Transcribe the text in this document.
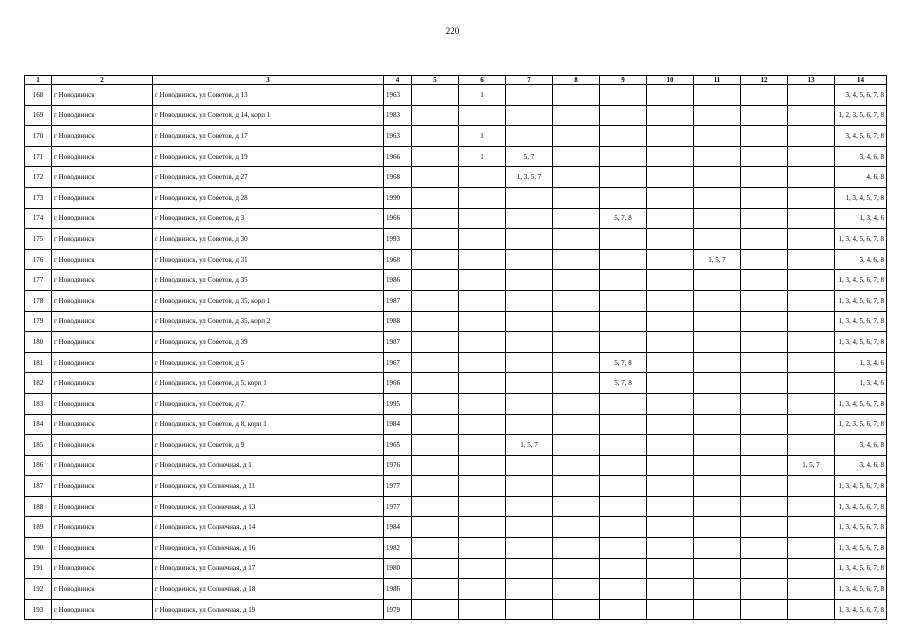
220
1	2	3	4	5	6	7	8	9	10	11	12	13	14
168	г Новодвинск	г Новодвинск, ул Советов, д 13	1963		1								3, 4, 5, 6, 7, 8
169	г Новодвинск	г Новодвинск, ул Советов, д 14, корп 1	1983										1, 2, 3, 5, 6, 7, 8
170	г Новодвинск	г Новодвинск, ул Советов, д 17	1963		1								3, 4, 5, 6, 7, 8
171	г Новодвинск	г Новодвинск, ул Советов, д 19	1966		1	5, 7							3, 4, 6, 8
172	г Новодвинск	г Новодвинск, ул Советов, д 27	1968			1, 3, 5, 7							4, 6, 8
173	г Новодвинск	г Новодвинск, ул Советов, д 28	1990										1, 3, 4, 5, 7, 8
174	г Новодвинск	г Новодвинск, ул Советов, д 3	1966					5, 7, 8					1, 3, 4, 6
175	г Новодвинск	г Новодвинск, ул Советов, д 30	1993										1, 3, 4, 5, 6, 7, 8
176	г Новодвинск	г Новодвинск, ул Советов, д 31	1968							1, 5, 7			3, 4, 6, 8
177	г Новодвинск	г Новодвинск, ул Советов, д 35	1986										1, 3, 4, 5, 6, 7, 8
178	г Новодвинск	г Новодвинск, ул Советов, д 35, корп 1	1987										1, 3, 4, 5, 6, 7, 8
179	г Новодвинск	г Новодвинск, ул Советов, д 35, корп 2	1988										1, 3, 4, 5, 6, 7, 8
180	г Новодвинск	г Новодвинск, ул Советов, д 39	1987										1, 3, 4, 5, 6, 7, 8
181	г Новодвинск	г Новодвинск, ул Советов, д 5	1967					5, 7, 8					1, 3, 4, 6
182	г Новодвинск	г Новодвинск, ул Советов, д 5, корп 1	1966					5, 7, 8					1, 3, 4, 6
183	г Новодвинск	г Новодвинск, ул Советов, д 7	1995										1, 3, 4, 5, 6, 7, 8
184	г Новодвинск	г Новодвинск, ул Советов, д 8, корп 1	1984										1, 2, 3, 5, 6, 7, 8
185	г Новодвинск	г Новодвинск, ул Советов, д 9	1965			1, 5, 7							3, 4, 6, 8
186	г Новодвинск	г Новодвинск, ул Солнечная, д 1	1976									1, 5, 7	3, 4, 6, 8
187	г Новодвинск	г Новодвинск, ул Солнечная, д 11	1977										1, 3, 4, 5, 6, 7, 8
188	г Новодвинск	г Новодвинск, ул Солнечная, д 13	1977										1, 3, 4, 5, 6, 7, 8
189	г Новодвинск	г Новодвинск, ул Солнечная, д 14	1984										1, 3, 4, 5, 6, 7, 8
190	г Новодвинск	г Новодвинск, ул Солнечная, д 16	1982										1, 3, 4, 5, 6, 7, 8
191	г Новодвинск	г Новодвинск, ул Солнечная, д 17	1980										1, 3, 4, 5, 6, 7, 8
192	г Новодвинск	г Новодвинск, ул Солнечная, д 18	1986										1, 3, 4, 5, 6, 7, 8
193	г Новодвинск	г Новодвинск, ул Солнечная, д 19	1979										1, 3, 4, 5, 6, 7, 8
